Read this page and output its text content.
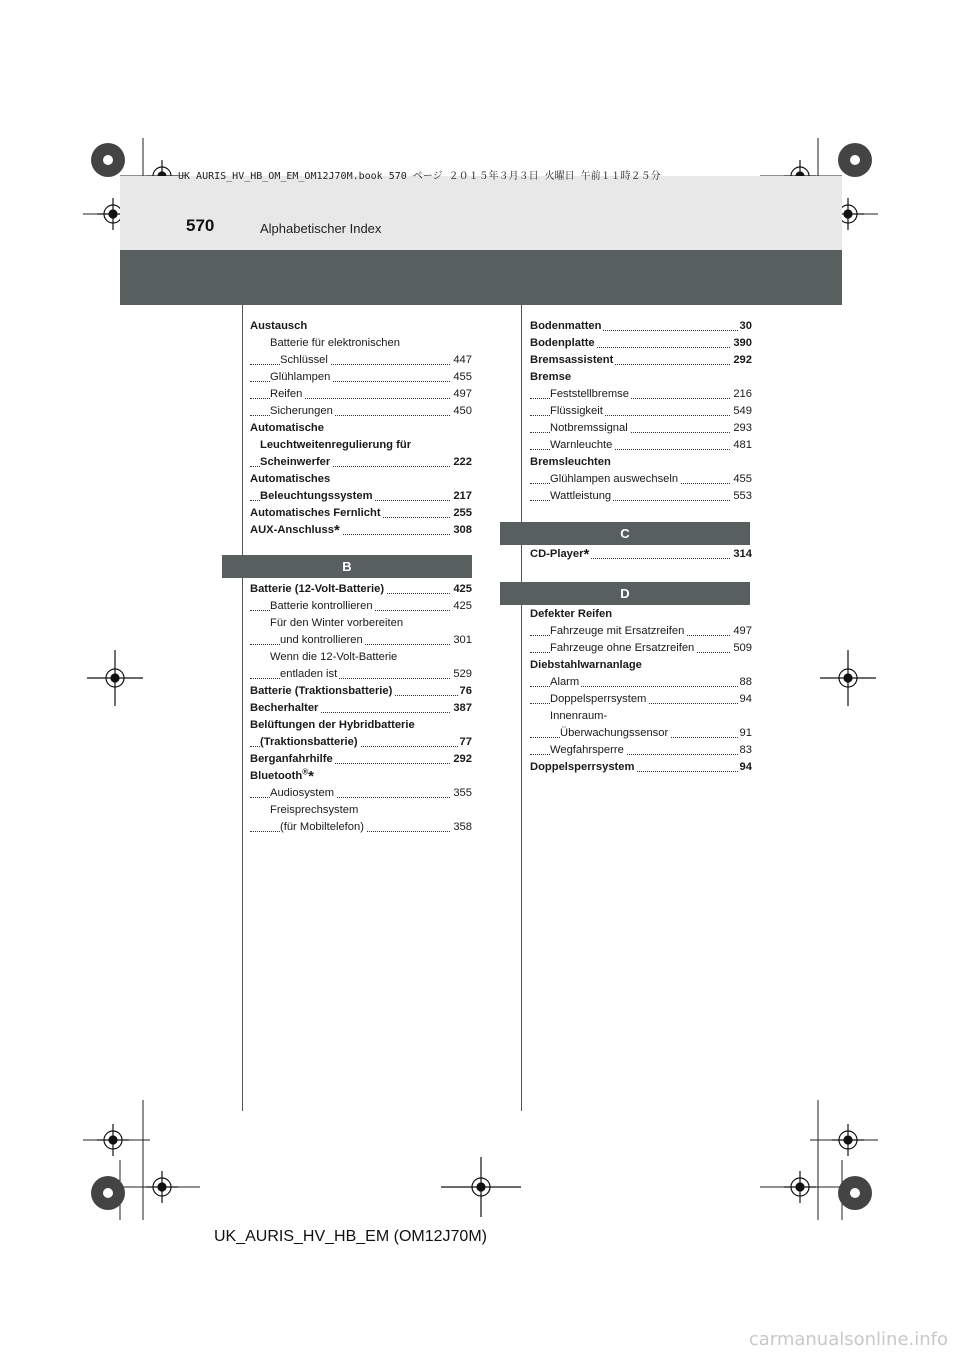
UK AURIS_HV_HB_OM_EM_OM12J70M.book 570 ページ ２０１５年３月３日 火曜日 午前１１時２５分
570	Alphabetischer Index
Austausch
Batterie für elektronischen
Schlüssel	447
Glühlampen	455
Reifen	497
Sicherungen	450
Automatische
Leuchtweitenregulierung für
Scheinwerfer	222
Automatisches
Beleuchtungssystem	217
Automatisches Fernlicht	255
AUX-Anschluss*	308
B
Batterie (12-Volt-Batterie)	425
Batterie kontrollieren	425
Für den Winter vorbereiten
und kontrollieren	301
Wenn die 12-Volt-Batterie
entladen ist	529
Batterie (Traktionsbatterie)	76
Becherhalter	387
Belüftungen der Hybridbatterie
(Traktionsbatterie)	77
Berganfahrhilfe	292
Bluetooth®*
Audiosystem	355
Freisprechsystem
(für Mobiltelefon)	358
Bodenmatten	30
Bodenplatte	390
Bremsassistent	292
Bremse
Feststellbremse	216
Flüssigkeit	549
Notbremssignal	293
Warnleuchte	481
Bremsleuchten
Glühlampen auswechseln	455
Wattleistung	553
C
CD-Player*	314
D
Defekter Reifen
Fahrzeuge mit Ersatzreifen	497
Fahrzeuge ohne Ersatzreifen	509
Diebstahlwarnanlage
Alarm	88
Doppelsperrsystem	94
Innenraum-
Überwachungssensor	91
Wegfahrsperre	83
Doppelsperrsystem	94
UK_AURIS_HV_HB_EM (OM12J70M)
carmanualsonline.info
